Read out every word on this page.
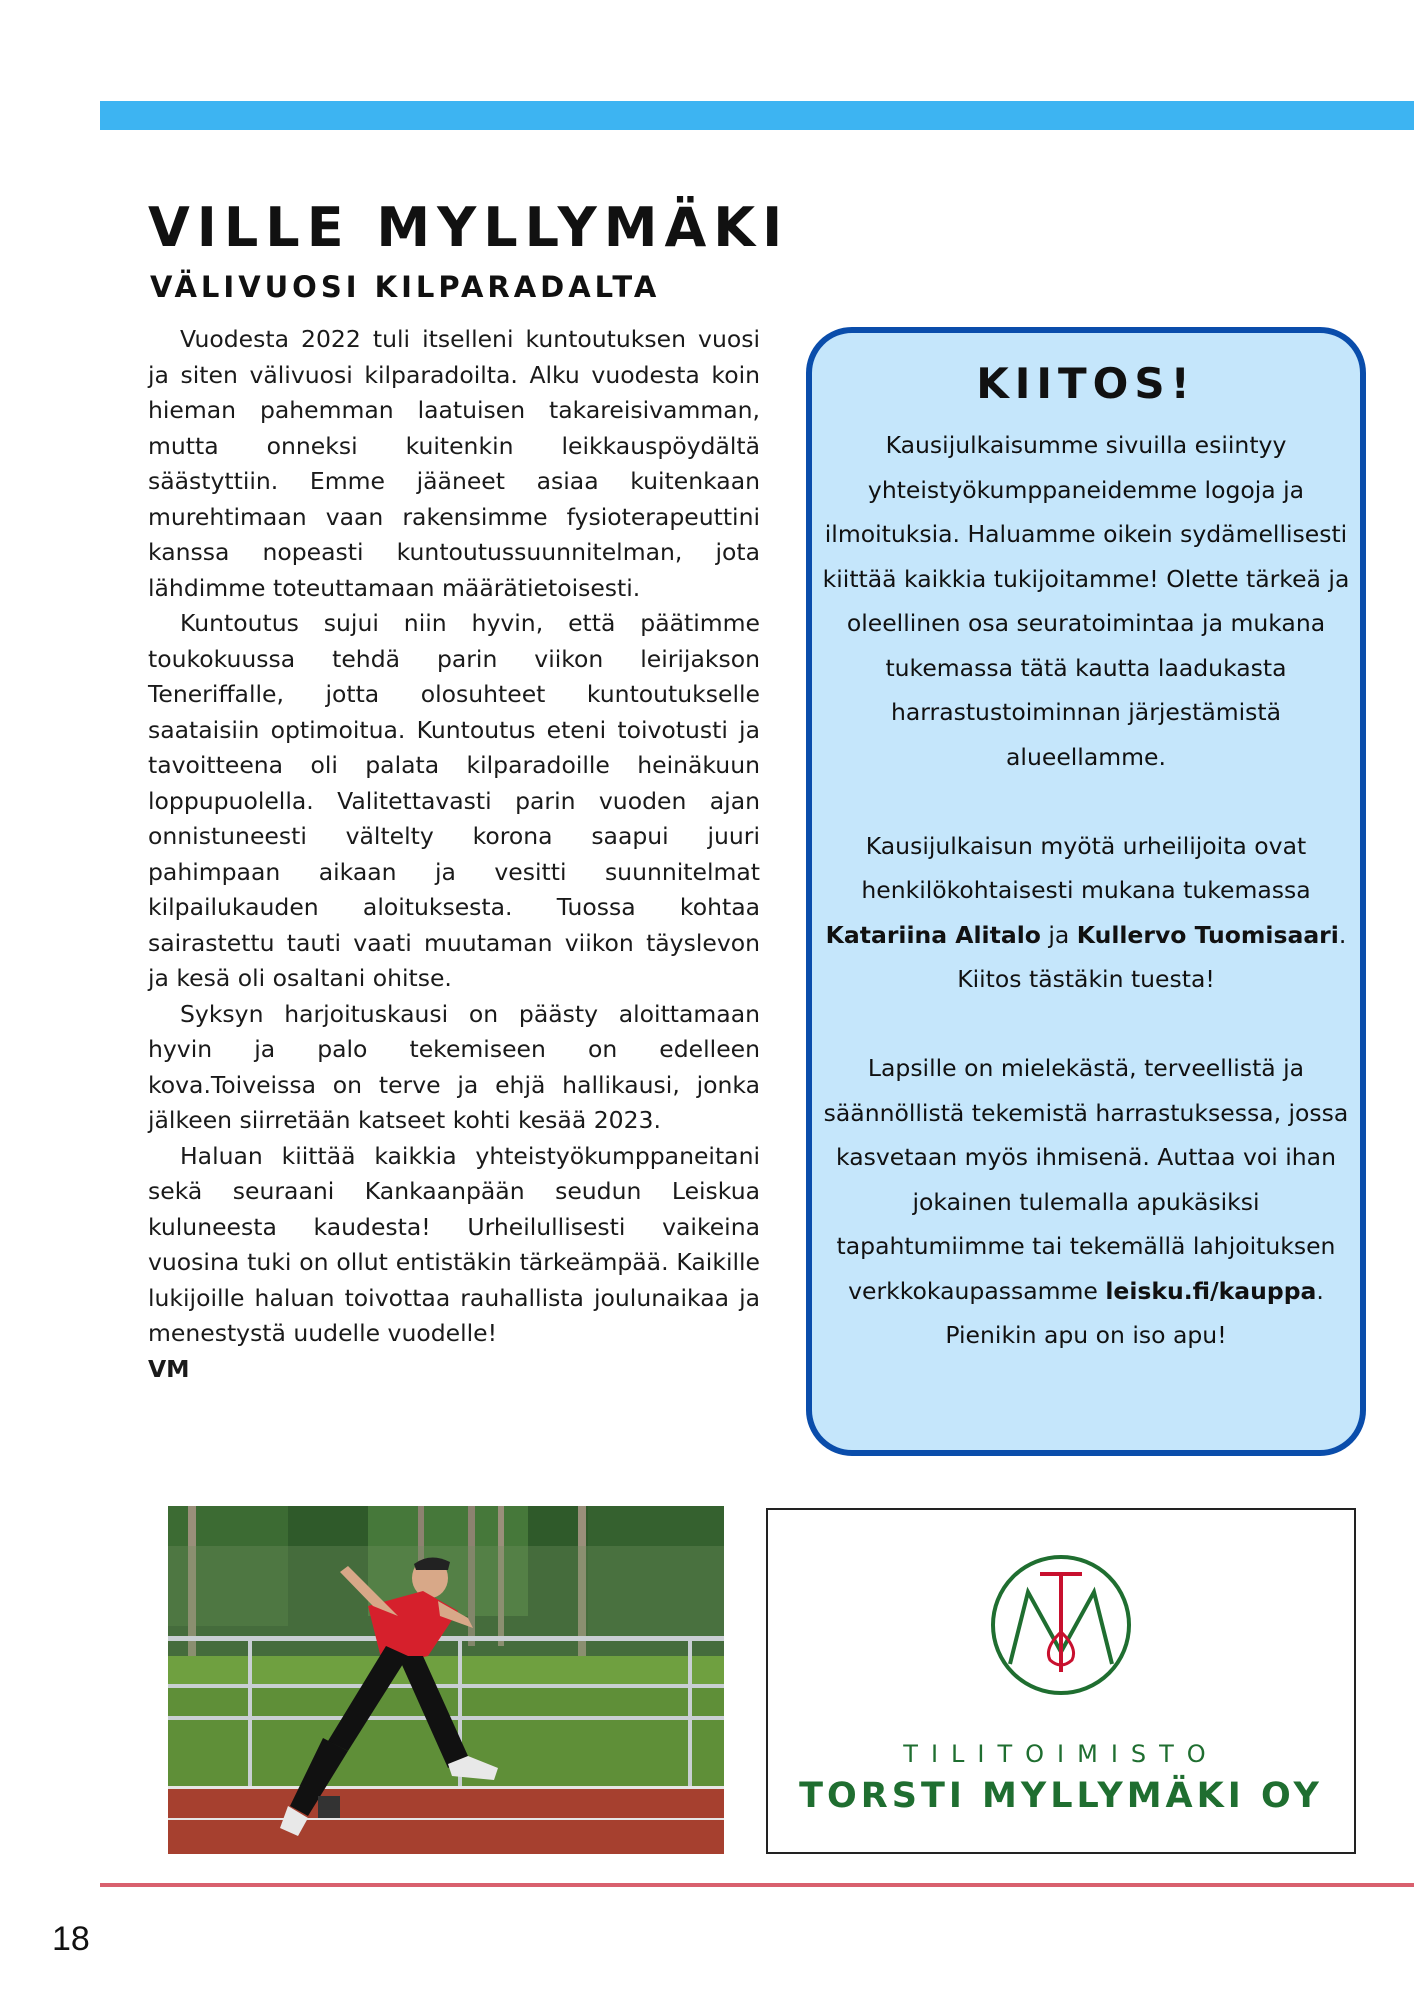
VILLE MYLLYMÄKI
VÄLIVUOSI KILPARADALTA

Vuodesta 2022 tuli itselleni kuntoutuksen vuosi ja siten välivuosi kilparadoilta. Alku vuodesta koin hieman pahemman laatuisen takareisivamman, mutta onneksi kuitenkin leikkauspöydältä säästyttiin. Emme jääneet asiaa kuitenkaan murehtimaan vaan rakensimme fysioterapeuttini kanssa nopeasti kuntoutussuunnitelman, jota lähdimme toteuttamaan määrätietoisesti.

Kuntoutus sujui niin hyvin, että päätimme toukokuussa tehdä parin viikon leirijakson Teneriffalle, jotta olosuhteet kuntoutukselle saataisiin optimoitua. Kuntoutus eteni toivotusti ja tavoitteena oli palata kilparadoille heinäkuun loppupuolella. Valitettavasti parin vuoden ajan onnistuneesti vältelty korona saapui juuri pahimpaan aikaan ja vesitti suunnitelmat kilpailukauden aloituksesta. Tuossa kohtaa sairastettu tauti vaati muutaman viikon täyslevon ja kesä oli osaltani ohitse.

Syksyn harjoituskausi on päästy aloittamaan hyvin ja palo tekemiseen on edelleen kova.Toiveissa on terve ja ehjä hallikausi, jonka jälkeen siirretään katseet kohti kesää 2023.

Haluan kiittää kaikkia yhteistyökumppaneitani sekä seuraani Kankaanpään seudun Leiskua kuluneesta kaudesta! Urheilullisesti vaikeina vuosina tuki on ollut entistäkin tärkeämpää. Kaikille lukijoille haluan toivottaa rauhallista joulunaikaa ja menestystä uudelle vuodelle!

VM
KIITOS!

Kausijulkaisumme sivuilla esiintyy yhteistyökumppaneidemme logoja ja ilmoituksia. Haluamme oikein sydämellisesti kiittää kaikkia tukijoitamme! Olette tärkeä ja oleellinen osa seuratoimintaa ja mukana tukemassa tätä kautta laadukasta harrastustoiminnan järjestämistä alueellamme.

Kausijulkaisun myötä urheilijoita ovat henkilökohtaisesti mukana tukemassa Katariina Alitalo ja Kullervo Tuomisaari. Kiitos tästäkin tuesta!

Lapsille on mielekästä, terveellistä ja säännöllistä tekemistä harrastuksessa, jossa kasvetaan myös ihmisenä. Auttaa voi ihan jokainen tulemalla apukäsiksi tapahtumiimme tai tekemällä lahjoituksen verkkokaupassamme leisku.fi/kauppa. Pienikin apu on iso apu!

TILITOIMISTO
TORSTI MYLLYMÄKI OY
18
